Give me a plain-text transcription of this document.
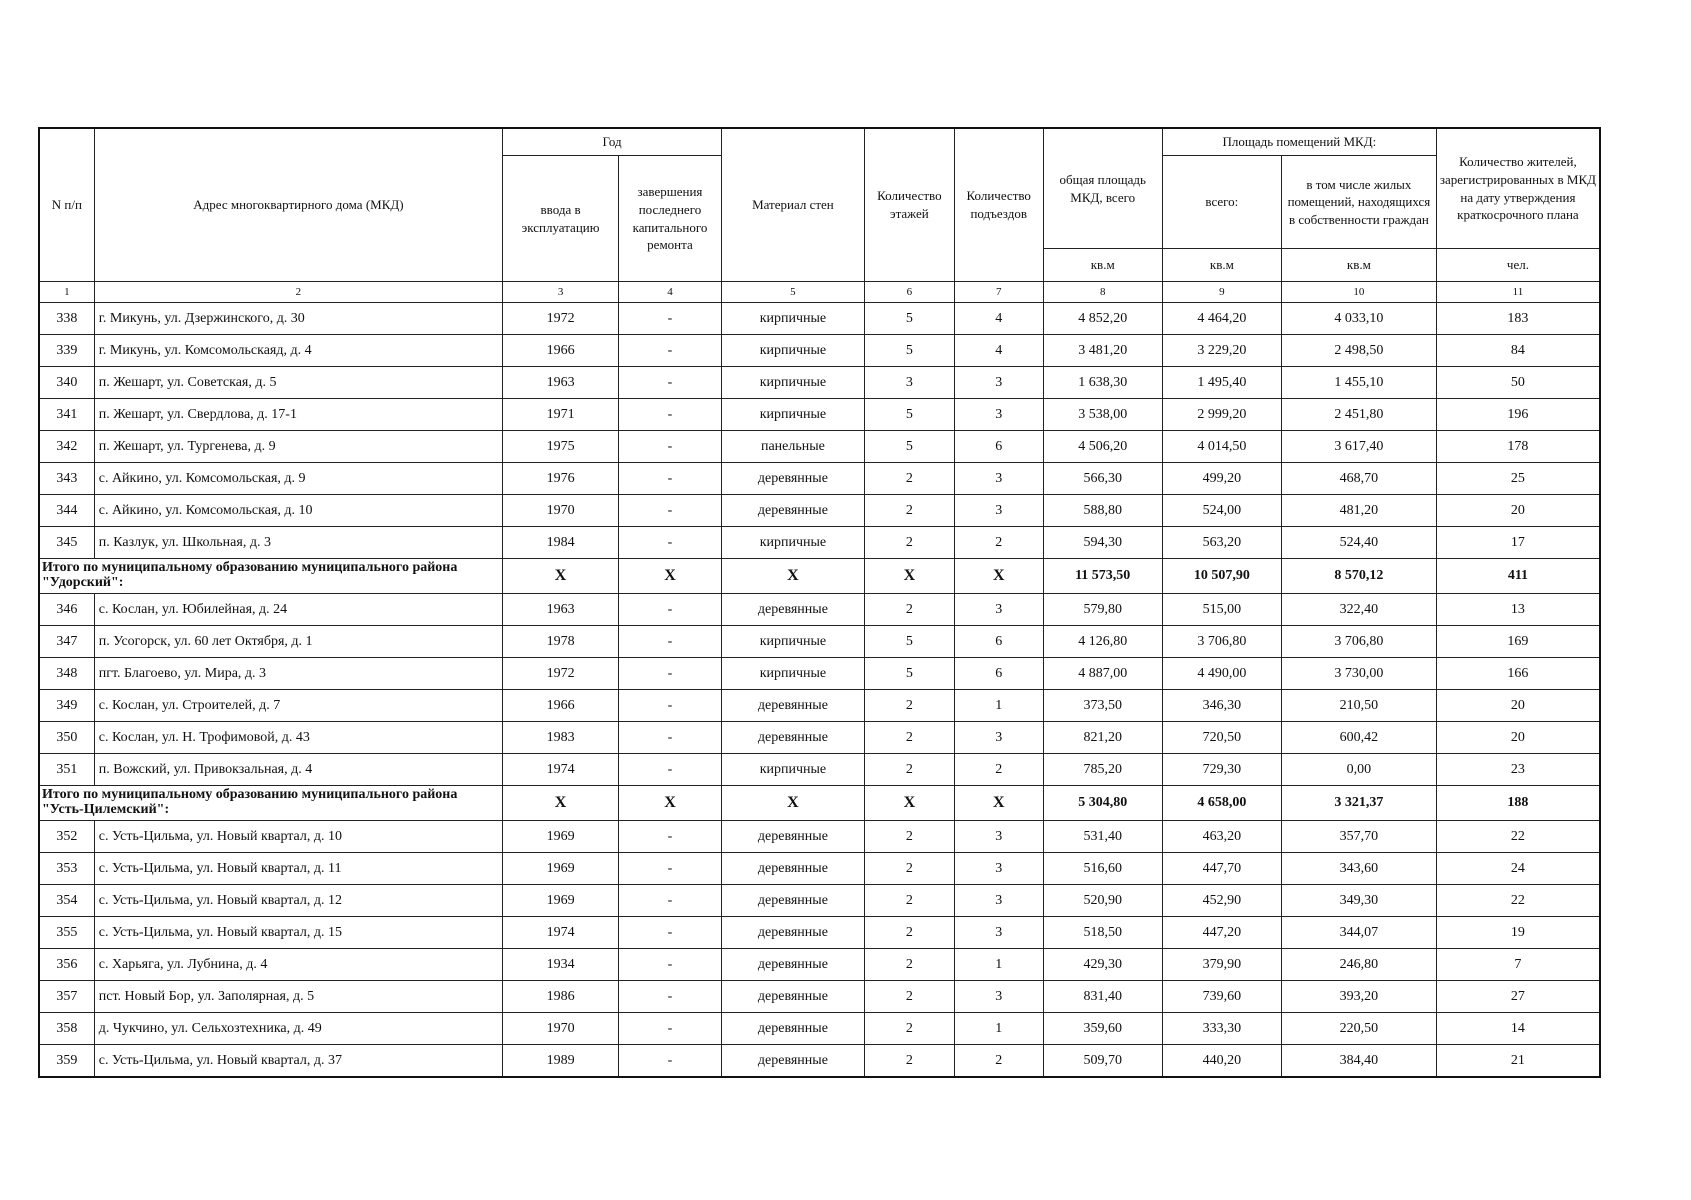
N п/п	Адрес многоквартирного дома (МКД)	Год		Материал стен	Количество этажей	Количество подъездов	общая площадь МКД, всего	Площадь помещений МКД:		Количество жителей, зарегистрированных в МКД на дату утверждения краткосрочного плана
		ввода в эксплуатацию	завершения последнего капитального ремонта					всего:	в том числе жилых помещений, находящихся в собственности граждан	
							кв.м	кв.м	кв.м	чел.
1	2	3	4	5	6	7	8	9	10	11
338	г. Микунь, ул. Дзержинского, д. 30	1972	-	кирпичные	5	4	4 852,20	4 464,20	4 033,10	183
339	г. Микунь, ул. Комсомольскаяд, д. 4	1966	-	кирпичные	5	4	3 481,20	3 229,20	2 498,50	84
340	п. Жешарт, ул. Советская, д. 5	1963	-	кирпичные	3	3	1 638,30	1 495,40	1 455,10	50
341	п. Жешарт, ул. Свердлова, д. 17-1	1971	-	кирпичные	5	3	3 538,00	2 999,20	2 451,80	196
342	п. Жешарт, ул. Тургенева, д. 9	1975	-	панельные	5	6	4 506,20	4 014,50	3 617,40	178
343	с. Айкино, ул. Комсомольская, д. 9	1976	-	деревянные	2	3	566,30	499,20	468,70	25
344	с. Айкино, ул. Комсомольская, д. 10	1970	-	деревянные	2	3	588,80	524,00	481,20	20
345	п. Казлук, ул. Школьная, д. 3	1984	-	кирпичные	2	2	594,30	563,20	524,40	17
Итого по муниципальному образованию муниципального района "Удорский":		X	X	X	X	X	11 573,50	10 507,90	8 570,12	411
346	с. Кослан, ул. Юбилейная, д. 24	1963	-	деревянные	2	3	579,80	515,00	322,40	13
347	п. Усогорск, ул. 60 лет Октября, д. 1	1978	-	кирпичные	5	6	4 126,80	3 706,80	3 706,80	169
348	пгт. Благоево, ул. Мира, д. 3	1972	-	кирпичные	5	6	4 887,00	4 490,00	3 730,00	166
349	с. Кослан, ул. Строителей, д. 7	1966	-	деревянные	2	1	373,50	346,30	210,50	20
350	с. Кослан, ул. Н. Трофимовой, д. 43	1983	-	деревянные	2	3	821,20	720,50	600,42	20
351	п. Вожский, ул. Привокзальная, д. 4	1974	-	кирпичные	2	2	785,20	729,30	0,00	23
Итого по муниципальному образованию муниципального района "Усть-Цилемский":		X	X	X	X	X	5 304,80	4 658,00	3 321,37	188
352	с. Усть-Цильма, ул. Новый квартал, д. 10	1969	-	деревянные	2	3	531,40	463,20	357,70	22
353	с. Усть-Цильма, ул. Новый квартал, д. 11	1969	-	деревянные	2	3	516,60	447,70	343,60	24
354	с. Усть-Цильма, ул. Новый квартал, д. 12	1969	-	деревянные	2	3	520,90	452,90	349,30	22
355	с. Усть-Цильма, ул. Новый квартал, д. 15	1974	-	деревянные	2	3	518,50	447,20	344,07	19
356	с. Харьяга, ул. Лубнина, д. 4	1934	-	деревянные	2	1	429,30	379,90	246,80	7
357	пст. Новый Бор, ул. Заполярная, д. 5	1986	-	деревянные	2	3	831,40	739,60	393,20	27
358	д. Чукчино, ул. Сельхозтехника, д. 49	1970	-	деревянные	2	1	359,60	333,30	220,50	14
359	с. Усть-Цильма, ул. Новый квартал, д. 37	1989	-	деревянные	2	2	509,70	440,20	384,40	21
